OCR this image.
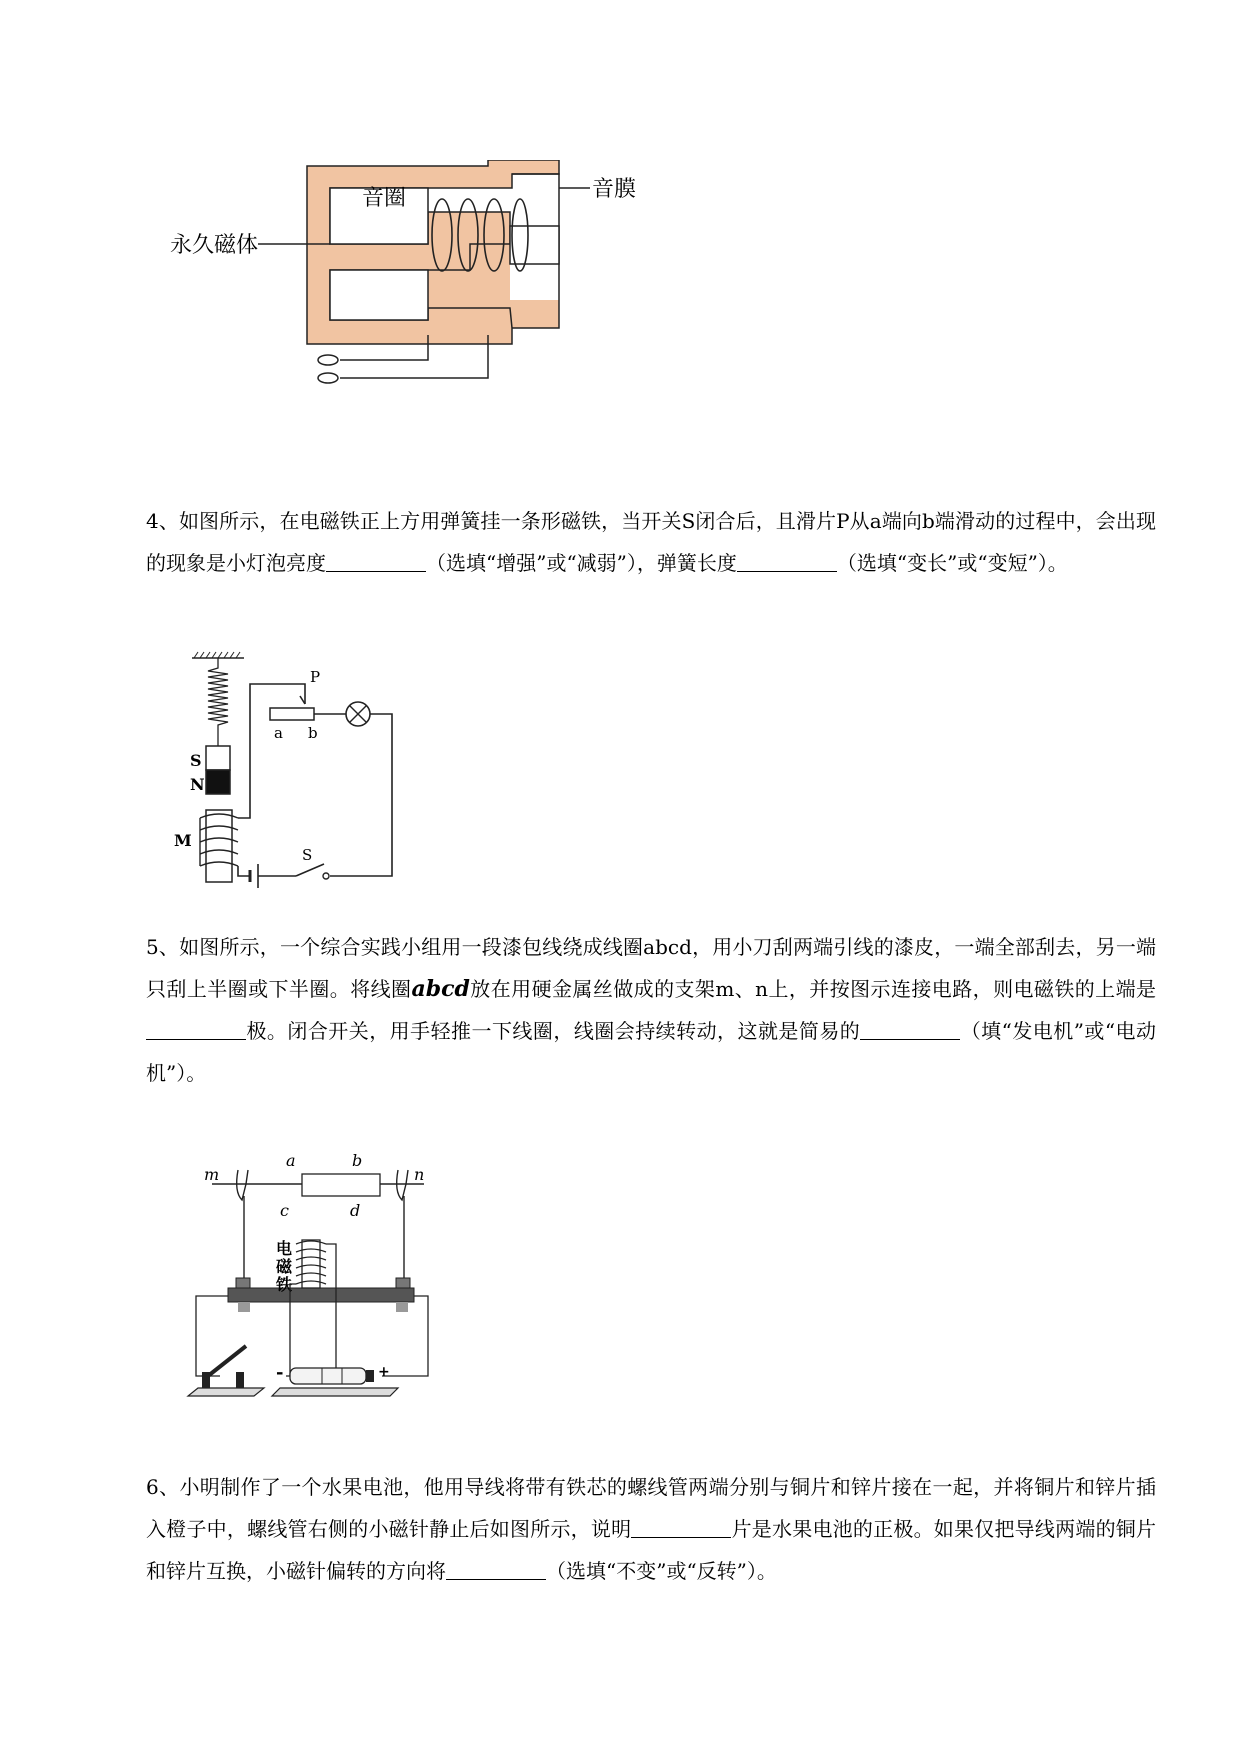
音圈	音膜
永久磁体

4、如图所示，在电磁铁正上方用弹簧挂一条形磁铁，当开关S闭合后，且滑片P从a端向b端滑动的过程中，会出现的现象是小灯泡亮度	（选填“增强”或“减弱”），弹簧长度	（选填“变长”或“变短”）。

S
N
M
P
a b
S

5、如图所示，一个综合实践小组用一段漆包线绕成线圈abcd，用小刀刮两端引线的漆皮，一端全部刮去，另一端只刮上半圈或下半圈。将线圈abcd放在用硬金属丝做成的支架m、n上，并按图示连接电路，则电磁铁的上端是极。闭合开关，用手轻推一下线圈，线圈会持续转动，这就是简易的	（填“发电机”或“电动机”）。

m	n
a	b
c	d
电
磁
铁
-	+

6、小明制作了一个水果电池，他用导线将带有铁芯的螺线管两端分别与铜片和锌片接在一起，并将铜片和锌片插入橙子中，螺线管右侧的小磁针静止后如图所示，说明	片是水果电池的正极。如果仅把导线两端的铜片和锌片互换，小磁针偏转的方向将	（选填“不变”或“反转”）。
